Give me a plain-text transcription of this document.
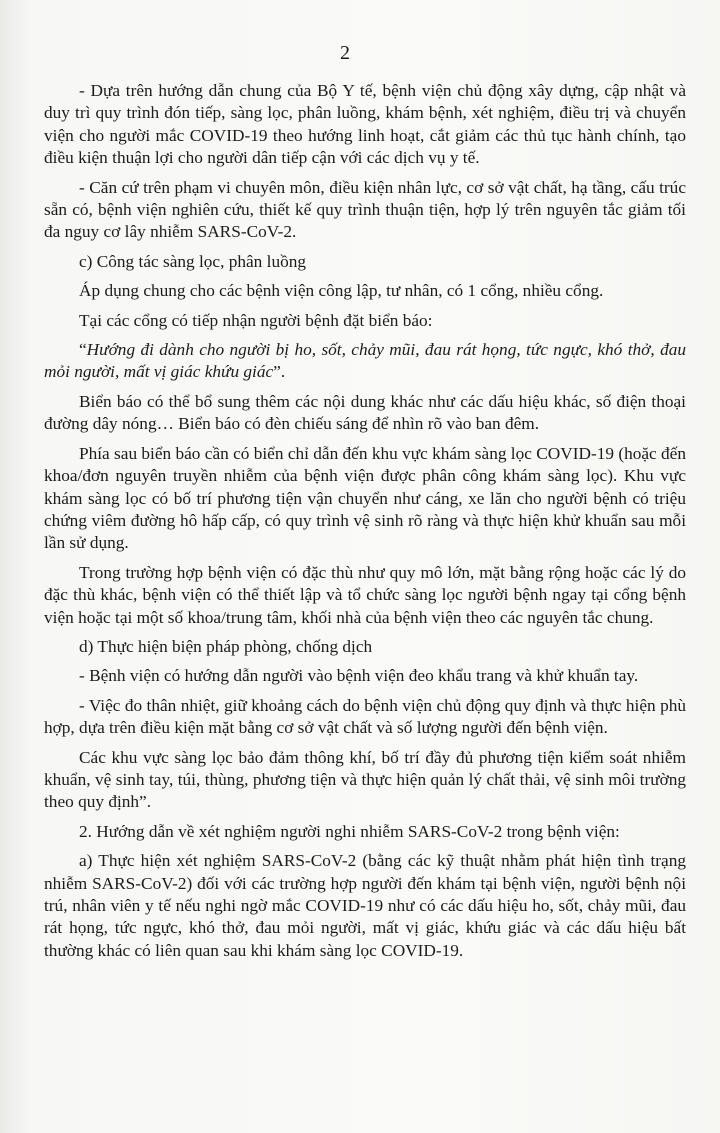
2

- Dựa trên hướng dẫn chung của Bộ Y tế, bệnh viện chủ động xây dựng, cập nhật và duy trì quy trình đón tiếp, sàng lọc, phân luồng, khám bệnh, xét nghiệm, điều trị và chuyển viện cho người mắc COVID-19 theo hướng linh hoạt, cắt giảm các thủ tục hành chính, tạo điều kiện thuận lợi cho người dân tiếp cận với các dịch vụ y tế.

- Căn cứ trên phạm vi chuyên môn, điều kiện nhân lực, cơ sở vật chất, hạ tầng, cấu trúc sẵn có, bệnh viện nghiên cứu, thiết kế quy trình thuận tiện, hợp lý trên nguyên tắc giảm tối đa nguy cơ lây nhiễm SARS-CoV-2.

c) Công tác sàng lọc, phân luồng

Áp dụng chung cho các bệnh viện công lập, tư nhân, có 1 cổng, nhiều cổng.

Tại các cổng có tiếp nhận người bệnh đặt biển báo:

“Hướng đi dành cho người bị ho, sốt, chảy mũi, đau rát họng, tức ngực, khó thở, đau mỏi người, mất vị giác khứu giác”.

Biển báo có thể bổ sung thêm các nội dung khác như các dấu hiệu khác, số điện thoại đường dây nóng… Biển báo có đèn chiếu sáng để nhìn rõ vào ban đêm.

Phía sau biển báo cần có biển chỉ dẫn đến khu vực khám sàng lọc COVID-19 (hoặc đến khoa/đơn nguyên truyền nhiễm của bệnh viện được phân công khám sàng lọc). Khu vực khám sàng lọc có bố trí phương tiện vận chuyển như cáng, xe lăn cho người bệnh có triệu chứng viêm đường hô hấp cấp, có quy trình vệ sinh rõ ràng và thực hiện khử khuẩn sau mỗi lần sử dụng.

Trong trường hợp bệnh viện có đặc thù như quy mô lớn, mặt bằng rộng hoặc các lý do đặc thù khác, bệnh viện có thể thiết lập và tổ chức sàng lọc người bệnh ngay tại cổng bệnh viện hoặc tại một số khoa/trung tâm, khối nhà của bệnh viện theo các nguyên tắc chung.

d) Thực hiện biện pháp phòng, chống dịch

- Bệnh viện có hướng dẫn người vào bệnh viện đeo khẩu trang và khử khuẩn tay.

- Việc đo thân nhiệt, giữ khoảng cách do bệnh viện chủ động quy định và thực hiện phù hợp, dựa trên điều kiện mặt bằng cơ sở vật chất và số lượng người đến bệnh viện.

Các khu vực sàng lọc bảo đảm thông khí, bố trí đầy đủ phương tiện kiểm soát nhiễm khuẩn, vệ sinh tay, túi, thùng, phương tiện và thực hiện quản lý chất thải, vệ sinh môi trường theo quy định”.

2. Hướng dẫn về xét nghiệm người nghi nhiễm SARS-CoV-2 trong bệnh viện:

a) Thực hiện xét nghiệm SARS-CoV-2 (bằng các kỹ thuật nhằm phát hiện tình trạng nhiễm SARS-CoV-2) đối với các trường hợp người đến khám tại bệnh viện, người bệnh nội trú, nhân viên y tế nếu nghi ngờ mắc COVID-19 như có các dấu hiệu ho, sốt, chảy mũi, đau rát họng, tức ngực, khó thở, đau mỏi người, mất vị giác, khứu giác và các dấu hiệu bất thường khác có liên quan sau khi khám sàng lọc COVID-19.
